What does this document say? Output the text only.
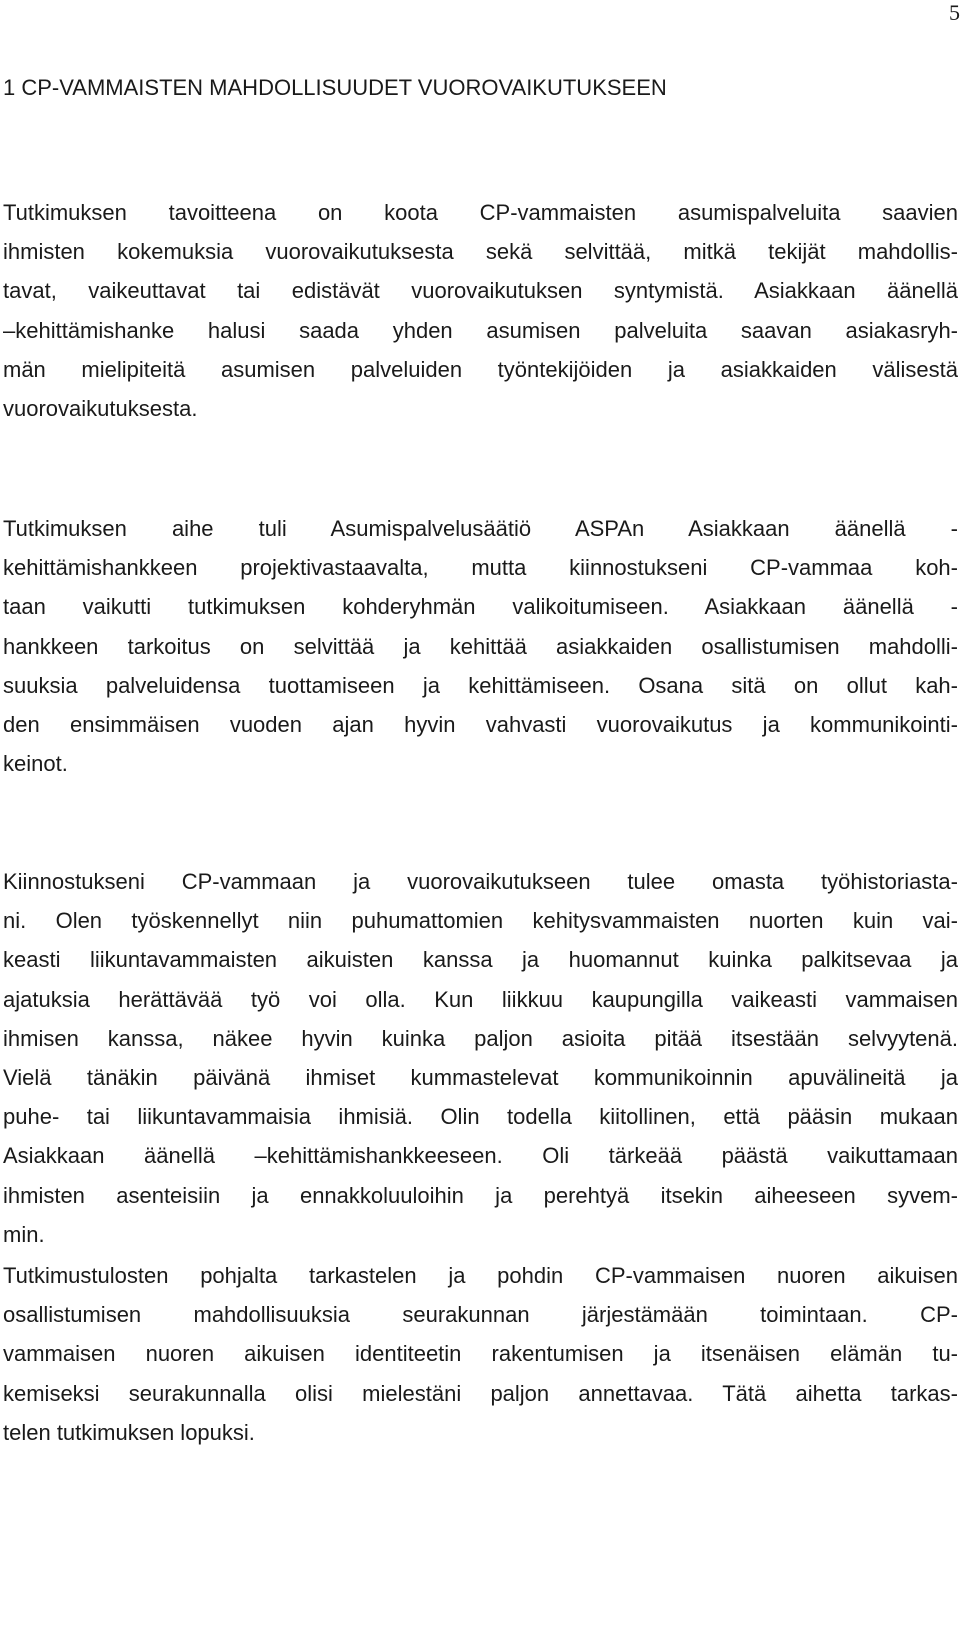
5
1 CP-VAMMAISTEN MAHDOLLISUUDET VUOROVAIKUTUKSEEN
Tutkimuksen tavoitteena on koota CP-vammaisten asumispalveluita saavien
ihmisten kokemuksia vuorovaikutuksesta sekä selvittää, mitkä tekijät mahdollis-
tavat, vaikeuttavat tai edistävät vuorovaikutuksen syntymistä. Asiakkaan äänellä
–kehittämishanke halusi saada yhden asumisen palveluita saavan asiakasryh-
män mielipiteitä asumisen palveluiden työntekijöiden ja asiakkaiden välisestä
vuorovaikutuksesta.
Tutkimuksen aihe tuli Asumispalvelusäätiö ASPAn Asiakkaan äänellä -
kehittämishankkeen projektivastaavalta, mutta kiinnostukseni CP-vammaa koh-
taan vaikutti tutkimuksen kohderyhmän valikoitumiseen. Asiakkaan äänellä -
hankkeen tarkoitus on selvittää ja kehittää asiakkaiden osallistumisen mahdolli-
suuksia palveluidensa tuottamiseen ja kehittämiseen. Osana sitä on ollut kah-
den ensimmäisen vuoden ajan hyvin vahvasti vuorovaikutus ja kommunikointi-
keinot.
Kiinnostukseni CP-vammaan ja vuorovaikutukseen tulee omasta työhistoriasta-
ni. Olen työskennellyt niin puhumattomien kehitysvammaisten nuorten kuin vai-
keasti liikuntavammaisten aikuisten kanssa ja huomannut kuinka palkitsevaa ja
ajatuksia herättävää työ voi olla. Kun liikkuu kaupungilla vaikeasti vammaisen
ihmisen kanssa, näkee hyvin kuinka paljon asioita pitää itsestään selvyytenä.
Vielä tänäkin päivänä ihmiset kummastelevat kommunikoinnin apuvälineitä ja
puhe- tai liikuntavammaisia ihmisiä. Olin todella kiitollinen, että pääsin mukaan
Asiakkaan äänellä –kehittämishankkeeseen. Oli tärkeää päästä vaikuttamaan
ihmisten asenteisiin ja ennakkoluuloihin ja perehtyä itsekin aiheeseen syvem-
min.
Tutkimustulosten pohjalta tarkastelen ja pohdin CP-vammaisen nuoren aikuisen
osallistumisen mahdollisuuksia seurakunnan järjestämään toimintaan. CP-
vammaisen nuoren aikuisen identiteetin rakentumisen ja itsenäisen elämän tu-
kemiseksi seurakunnalla olisi mielestäni paljon annettavaa. Tätä aihetta tarkas-
telen tutkimuksen lopuksi.
